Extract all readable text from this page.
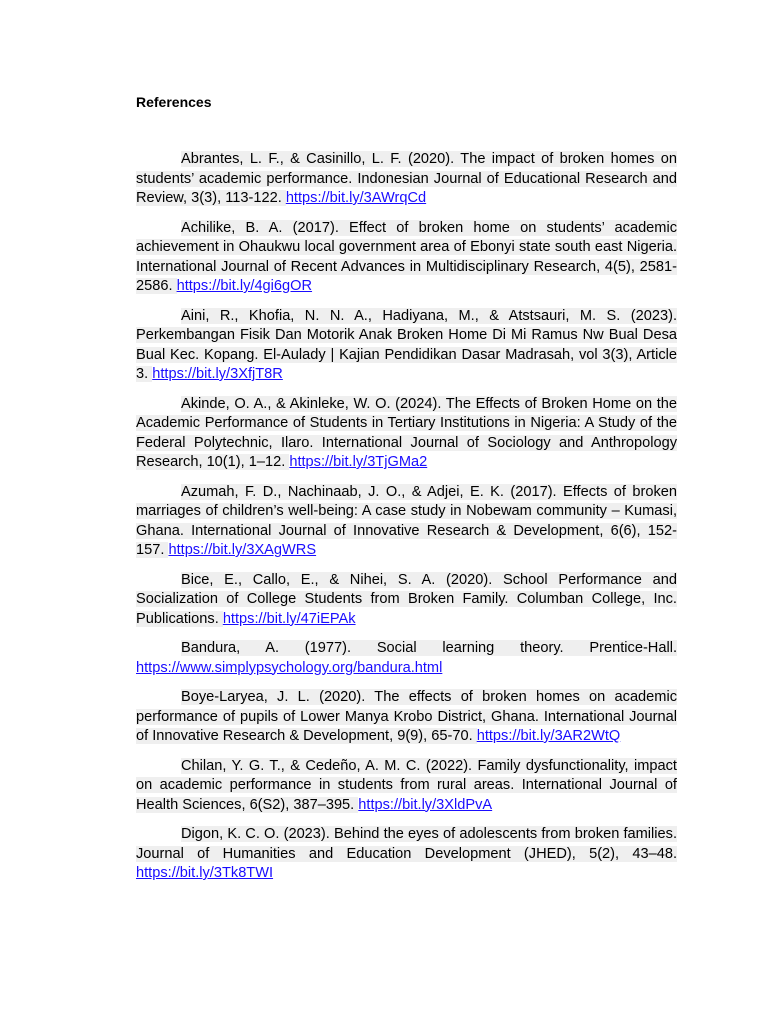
References

Abrantes, L. F., & Casinillo, L. F. (2020). The impact of broken homes on students’ academic performance. Indonesian Journal of Educational Research and Review, 3(3), 113-122. https://bit.ly/3AWrqCd

Achilike, B. A. (2017). Effect of broken home on students’ academic achievement in Ohaukwu local government area of Ebonyi state south east Nigeria. International Journal of Recent Advances in Multidisciplinary Research, 4(5), 2581-2586. https://bit.ly/4gi6gOR

Aini, R., Khofia, N. N. A., Hadiyana, M., & Atstsauri, M. S. (2023). Perkembangan Fisik Dan Motorik Anak Broken Home Di Mi Ramus Nw Bual Desa Bual Kec. Kopang. El-Aulady | Kajian Pendidikan Dasar Madrasah, vol 3(3), Article 3. https://bit.ly/3XfjT8R

Akinde, O. A., & Akinleke, W. O. (2024). The Effects of Broken Home on the Academic Performance of Students in Tertiary Institutions in Nigeria: A Study of the Federal Polytechnic, Ilaro. International Journal of Sociology and Anthropology Research, 10(1), 1–12. https://bit.ly/3TjGMa2

Azumah, F. D., Nachinaab, J. O., & Adjei, E. K. (2017). Effects of broken marriages of children’s well-being: A case study in Nobewam community – Kumasi, Ghana. International Journal of Innovative Research & Development, 6(6), 152-157. https://bit.ly/3XAgWRS

Bice, E., Callo, E., & Nihei, S. A. (2020). School Performance and Socialization of College Students from Broken Family. Columban College, Inc. Publications. https://bit.ly/47iEPAk

Bandura, A. (1977). Social learning theory. Prentice-Hall. https://www.simplypsychology.org/bandura.html

Boye-Laryea, J. L. (2020). The effects of broken homes on academic performance of pupils of Lower Manya Krobo District, Ghana. International Journal of Innovative Research & Development, 9(9), 65-70. https://bit.ly/3AR2WtQ

Chilan, Y. G. T., & Cedeño, A. M. C. (2022). Family dysfunctionality, impact on academic performance in students from rural areas. International Journal of Health Sciences, 6(S2), 387–395. https://bit.ly/3XldPvA

Digon, K. C. O. (2023). Behind the eyes of adolescents from broken families. Journal of Humanities and Education Development (JHED), 5(2), 43–48. https://bit.ly/3Tk8TWI
